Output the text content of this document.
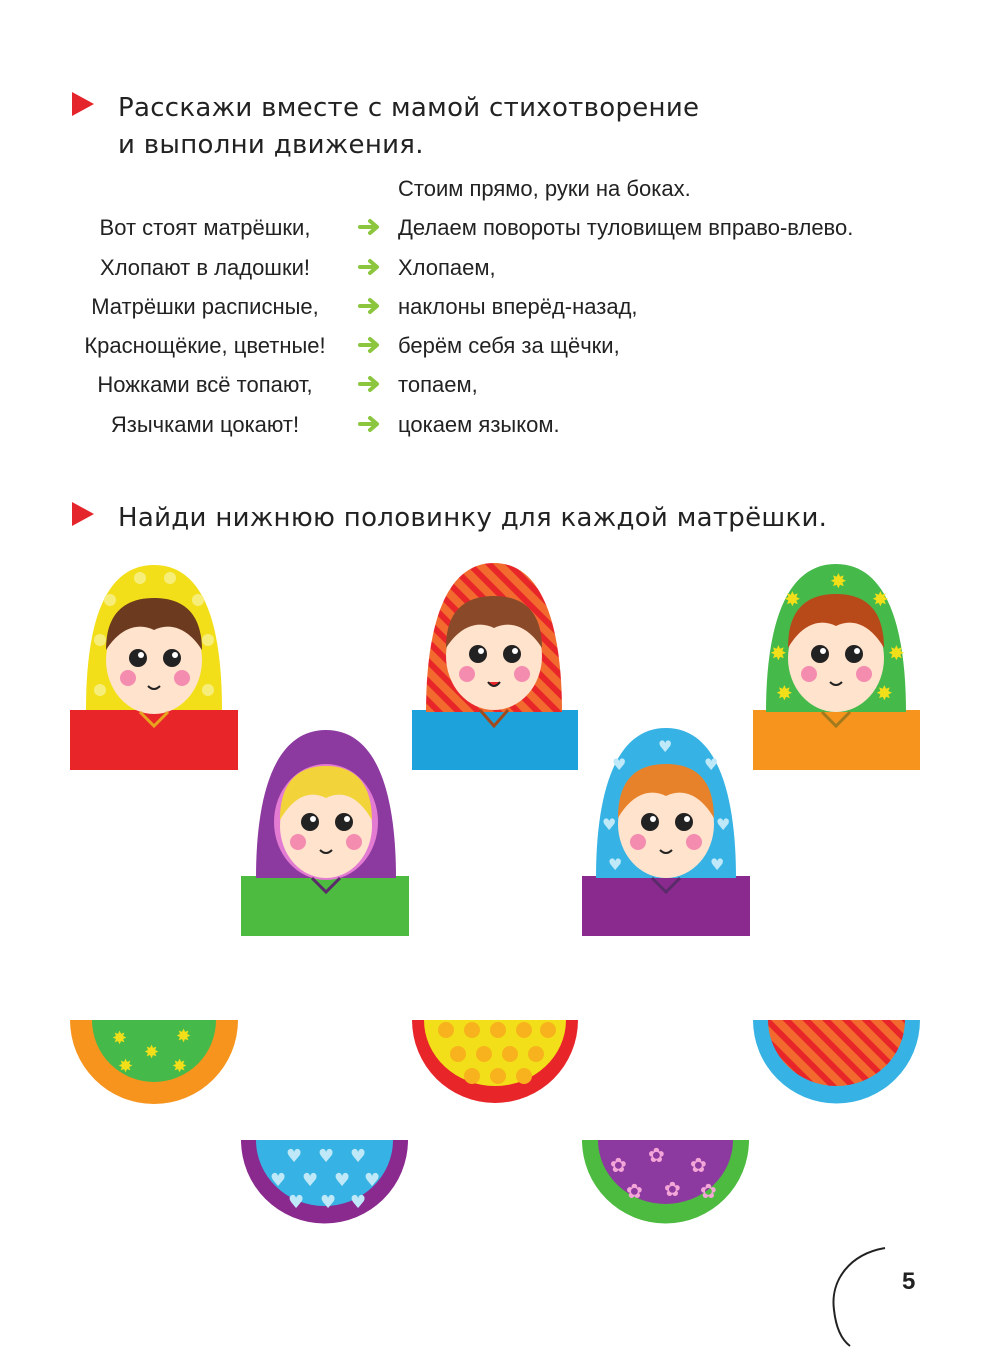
Расскажи вместе с мамой стихотворение
и выполни движения.
Стоим прямо, руки на боках.
Вот стоят матрёшки,	Делаем повороты туловищем вправо-влево.
Хлопают в ладошки!	Хлопаем,
Матрёшки расписные,	наклоны вперёд-назад,
Краснощёкие, цветные!	берём себя за щёчки,
Ножками всё топают,	топаем,
Язычками цокают!	цокаем языком.
Найди нижнюю половинку для каждой матрёшки.
✸
✸
✸
✸	✸
✸	✸
♥
♥
♥
♥	♥
♥	♥
✸
✸
✸
✸ ✸
♥ ♥ ♥
♥ ♥ ♥ ♥
♥ ♥ ♥
✿ ✿ ✿
✿ ✿ ✿
5
